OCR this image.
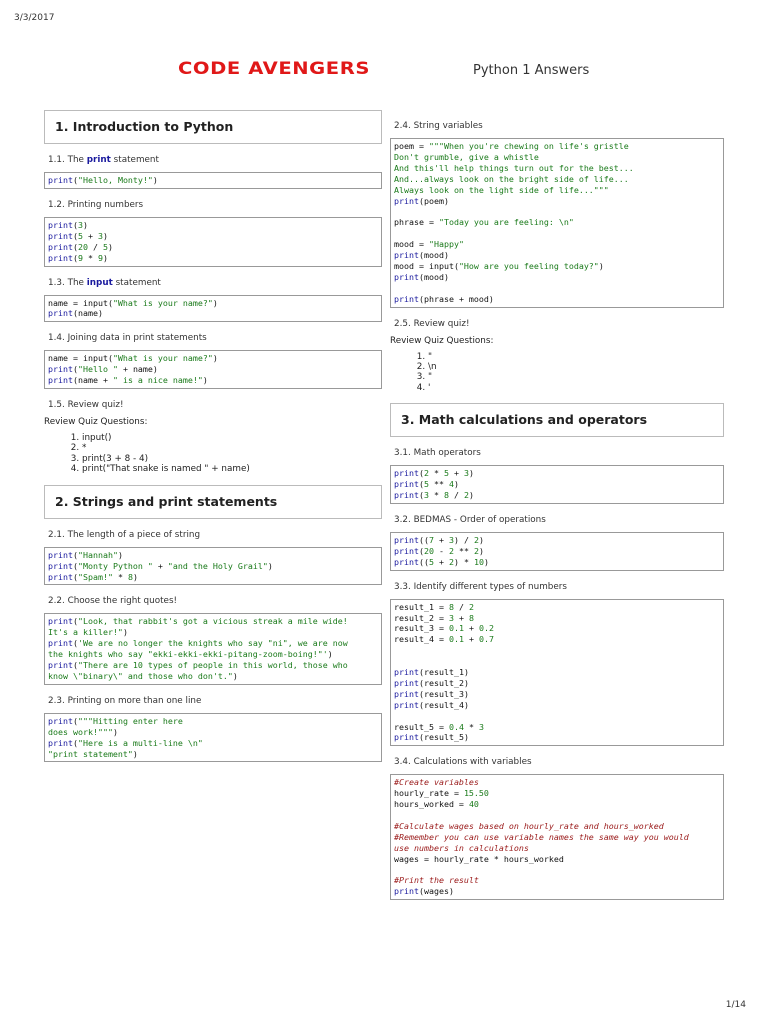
3/3/2017
CODE AVENGERS	Python 1 Answers
1. Introduction to Python
1.1. The print statement
print("Hello, Monty!")
1.2. Printing numbers
print(3)
print(5 + 3)
print(20 / 5)
print(9 * 9)
1.3. The input statement
name = input("What is your name?")
print(name)
1.4. Joining data in print statements
name = input("What is your name?")
print("Hello " + name)
print(name + " is a nice name!")
1.5. Review quiz!
Review Quiz Questions:
1. input()
2. *
3. print(3 + 8 - 4)
4. print("That snake is named " + name)
2. Strings and print statements
2.1. The length of a piece of string
print("Hannah")
print("Monty Python " + "and the Holy Grail")
print("Spam!" * 8)
2.2. Choose the right quotes!
print("Look, that rabbit's got a vicious streak a mile wide!
It's a killer!")
print('We are no longer the knights who say "ni", we are now
the knights who say "ekki-ekki-ekki-pitang-zoom-boing!"')
print("There are 10 types of people in this world, those who
know \"binary\" and those who don't.")
2.3. Printing on more than one line
print("""Hitting enter here
does work!""")
print("Here is a multi-line \n"
"print statement")
2.4. String variables
poem = """When you're chewing on life's gristle
Don't grumble, give a whistle
And this'll help things turn out for the best...
And...always look on the bright side of life...
Always look on the light side of life..."""
print(poem)
phrase = "Today you are feeling: \n"
mood = "Happy"
print(mood)
mood = input("How are you feeling today?")
print(mood)
print(phrase + mood)
2.5. Review quiz!
Review Quiz Questions:
1. "
2. \n
3. "
4. '
3. Math calculations and operators
3.1. Math operators
print(2 * 5 + 3)
print(5 ** 4)
print(3 * 8 / 2)
3.2. BEDMAS - Order of operations
print((7 + 3) / 2)
print(20 - 2 ** 2)
print((5 + 2) * 10)
3.3. Identify different types of numbers
result_1 = 8 / 2
result_2 = 3 + 8
result_3 = 0.1 + 0.2
result_4 = 0.1 + 0.7
print(result_1)
print(result_2)
print(result_3)
print(result_4)
result_5 = 0.4 * 3
print(result_5)
3.4. Calculations with variables
#Create variables
hourly_rate = 15.50
hours_worked = 40
#Calculate wages based on hourly_rate and hours_worked
#Remember you can use variable names the same way you would
use numbers in calculations
wages = hourly_rate * hours_worked
#Print the result
print(wages)
1/14
